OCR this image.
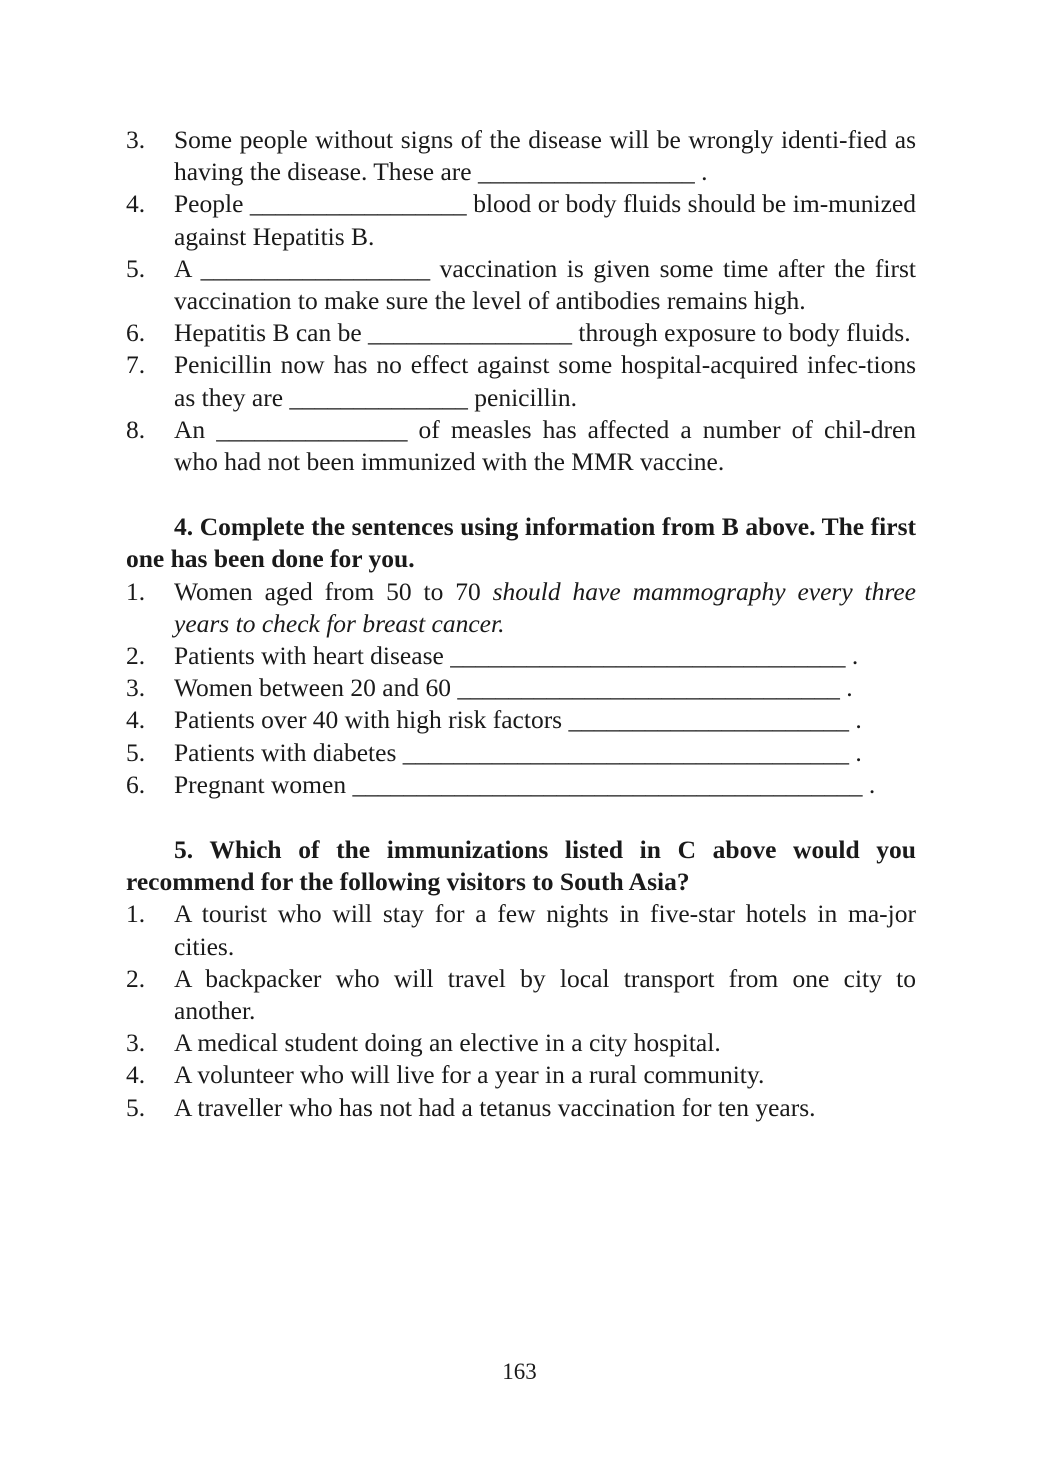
3.	Some people without signs of the disease will be wrongly identi-fied as having the disease. These are _________________ .
4.	People _________________ blood or body fluids should be im-munized against Hepatitis B.
5.	A __________________ vaccination is given some time after the first vaccination to make sure the level of antibodies remains high.
6.	Hepatitis B can be ________________ through exposure to body fluids.
7.	Penicillin now has no effect against some hospital-acquired infec-tions as they are ______________ penicillin.
8.	An _______________ of measles has affected a number of chil-dren who had not been immunized with the MMR vaccine.
4. Complete the sentences using information from B above. The first one has been done for you.
1.	Women aged from 50 to 70 should have mammography every three years to check for breast cancer.
2.	Patients with heart disease _______________________________ .
3.	Women between 20 and 60 ______________________________ .
4.	Patients over 40 with high risk factors ______________________ .
5.	Patients with diabetes ___________________________________ .
6.	Pregnant women ________________________________________ .
5. Which of the immunizations listed in C above would you recommend for the following visitors to South Asia?
1.	A tourist who will stay for a few nights in five-star hotels in ma-jor cities.
2.	A backpacker who will travel by local transport from one city to another.
3.	A medical student doing an elective in a city hospital.
4.	A volunteer who will live for a year in a rural community.
5.	A traveller who has not had a tetanus vaccination for ten years.
163
